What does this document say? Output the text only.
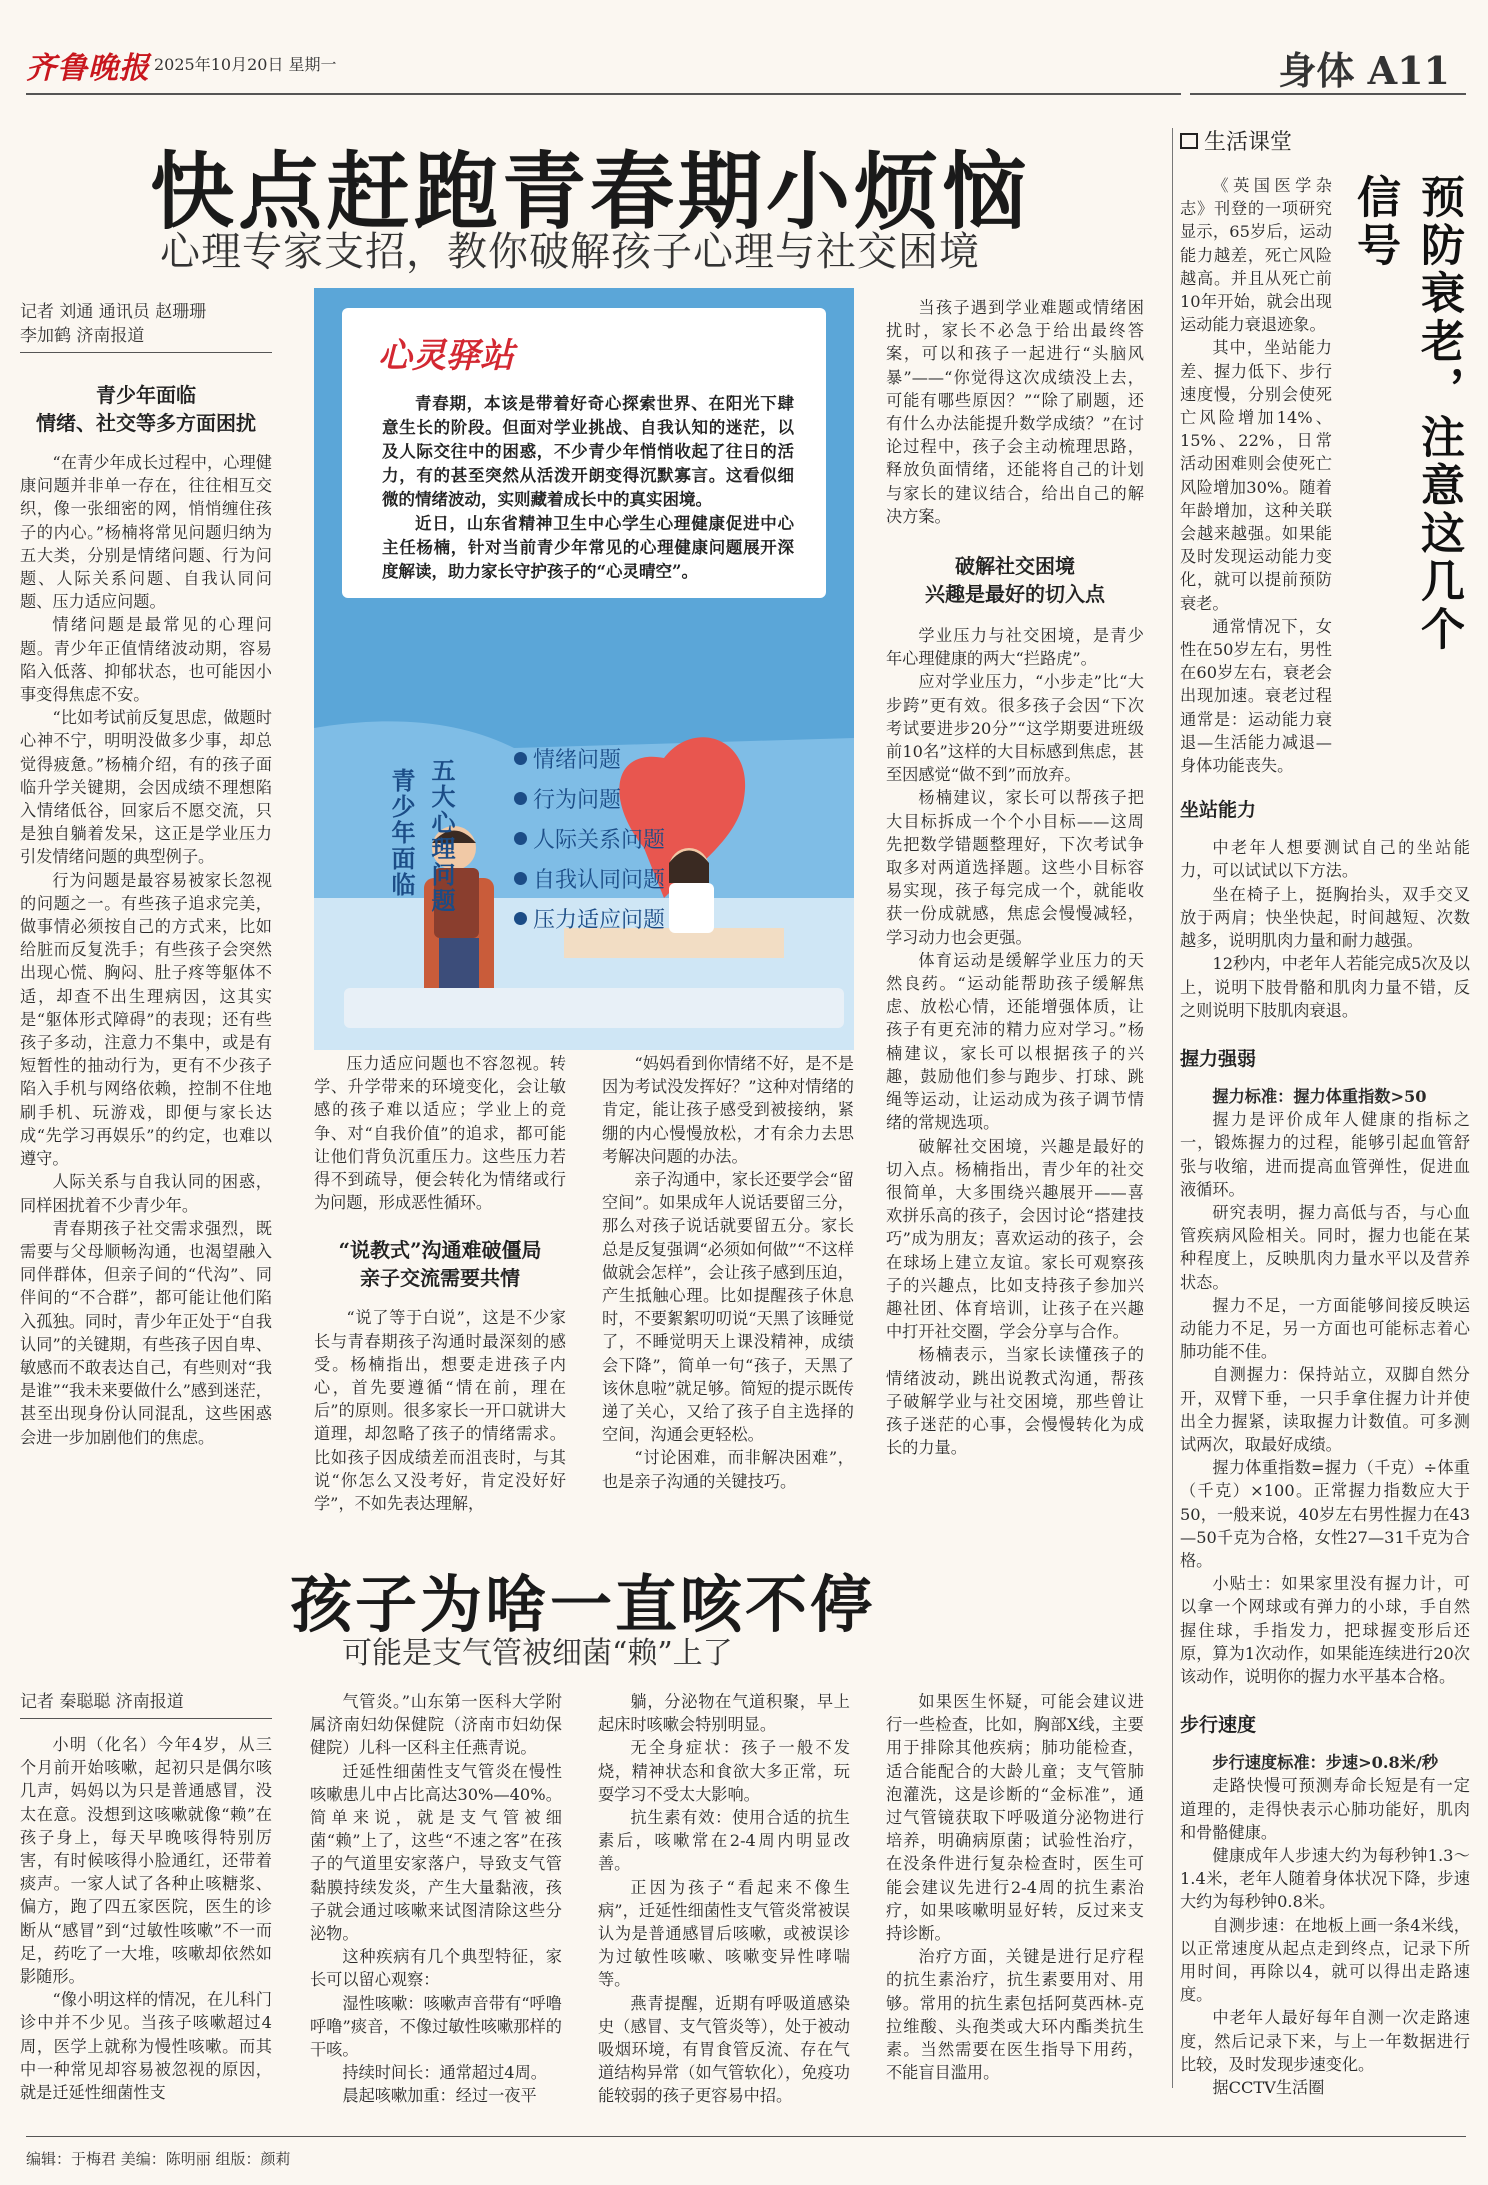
齐鲁晚报 2025年10月20日 星期一	身体 A11
快点赶跑青春期小烦恼
心理专家支招，教你破解孩子心理与社交困境
记者 刘通 通讯员 赵珊珊
李加鹤 济南报道
青少年面临
情绪、社交等多方面困扰

“在青少年成长过程中，心理健康问题并非单一存在，往往相互交织，像一张细密的网，悄悄缠住孩子的内心。”杨楠将常见问题归纳为五大类，分别是情绪问题、行为问题、人际关系问题、自我认同问题、压力适应问题。

情绪问题是最常见的心理问题。青少年正值情绪波动期，容易陷入低落、抑郁状态，也可能因小事变得焦虑不安。

“比如考试前反复思虑，做题时心神不宁，明明没做多少事，却总觉得疲惫。”杨楠介绍，有的孩子面临升学关键期，会因成绩不理想陷入情绪低谷，回家后不愿交流，只是独自躺着发呆，这正是学业压力引发情绪问题的典型例子。

行为问题是最容易被家长忽视的问题之一。有些孩子追求完美，做事情必须按自己的方式来，比如给脏而反复洗手；有些孩子会突然出现心慌、胸闷、肚子疼等躯体不适，却查不出生理病因，这其实是“躯体形式障碍”的表现；还有些孩子多动，注意力不集中，或是有短暂性的抽动行为，更有不少孩子陷入手机与网络依赖，控制不住地刷手机、玩游戏，即便与家长达成“先学习再娱乐”的约定，也难以遵守。

人际关系与自我认同的困惑，同样困扰着不少青少年。

青春期孩子社交需求强烈，既需要与父母顺畅沟通，也渴望融入同伴群体，但亲子间的“代沟”、同伴间的“不合群”，都可能让他们陷入孤独。同时，青少年正处于“自我认同”的关键期，有些孩子因自卑、敏感而不敢表达自己，有些则对“我是谁”“我未来要做什么”感到迷茫，甚至出现身份认同混乱，这些困惑会进一步加剧他们的焦虑。

心灵驿站

青春期，本该是带着好奇心探索世界、在阳光下肆意生长的阶段。但面对学业挑战、自我认知的迷茫，以及人际交往中的困惑，不少青少年悄悄收起了往日的活力，有的甚至突然从活泼开朗变得沉默寡言。这看似细微的情绪波动，实则藏着成长中的真实困境。

近日，山东省精神卫生中心学生心理健康促进中心主任杨楠，针对当前青少年常见的心理健康问题展开深度解读，助力家长守护孩子的“心灵晴空”。

青少年面临 五大心理问题	情绪问题
行为问题
人际关系问题
自我认同问题
压力适应问题

压力适应问题也不容忽视。转学、升学带来的环境变化，会让敏感的孩子难以适应；学业上的竞争、对“自我价值”的追求，都可能让他们背负沉重压力。这些压力若得不到疏导，便会转化为情绪或行为问题，形成恶性循环。

“说教式”沟通难破僵局
亲子交流需要共情

“说了等于白说”，这是不少家长与青春期孩子沟通时最深刻的感受。杨楠指出，想要走进孩子内心，首先要遵循“情在前，理在后”的原则。很多家长一开口就讲大道理，却忽略了孩子的情绪需求。比如孩子因成绩差而沮丧时，与其说“你怎么又没考好，肯定没好好学”，不如先表达理解，

“妈妈看到你情绪不好，是不是因为考试没发挥好？”这种对情绪的肯定，能让孩子感受到被接纳，紧绷的内心慢慢放松，才有余力去思考解决问题的办法。

亲子沟通中，家长还要学会“留空间”。如果成年人说话要留三分，那么对孩子说话就要留五分。家长总是反复强调“必须如何做”“不这样做就会怎样”，会让孩子感到压迫，产生抵触心理。比如提醒孩子休息时，不要絮絮叨叨说“天黑了该睡觉了，不睡觉明天上课没精神，成绩会下降”，简单一句“孩子，天黑了该休息啦”就足够。简短的提示既传递了关心，又给了孩子自主选择的空间，沟通会更轻松。

“讨论困难，而非解决困难”，也是亲子沟通的关键技巧。

当孩子遇到学业难题或情绪困扰时，家长不必急于给出最终答案，可以和孩子一起进行“头脑风暴”——“你觉得这次成绩没上去，可能有哪些原因？”“除了刷题，还有什么办法能提升数学成绩？”在讨论过程中，孩子会主动梳理思路，释放负面情绪，还能将自己的计划与家长的建议结合，给出自己的解决方案。

破解社交困境
兴趣是最好的切入点

学业压力与社交困境，是青少年心理健康的两大“拦路虎”。

应对学业压力，“小步走”比“大步跨”更有效。很多孩子会因“下次考试要进步20分”“这学期要进班级前10名”这样的大目标感到焦虑，甚至因感觉“做不到”而放弃。

杨楠建议，家长可以帮孩子把大目标拆成一个个小目标——这周先把数学错题整理好，下次考试争取多对两道选择题。这些小目标容易实现，孩子每完成一个，就能收获一份成就感，焦虑会慢慢减轻，学习动力也会更强。

体育运动是缓解学业压力的天然良药。“运动能帮助孩子缓解焦虑、放松心情，还能增强体质，让孩子有更充沛的精力应对学习。”杨楠建议，家长可以根据孩子的兴趣，鼓励他们参与跑步、打球、跳绳等运动，让运动成为孩子调节情绪的常规选项。

破解社交困境，兴趣是最好的切入点。杨楠指出，青少年的社交很简单，大多围绕兴趣展开——喜欢拼乐高的孩子，会因讨论“搭建技巧”成为朋友；喜欢运动的孩子，会在球场上建立友谊。家长可观察孩子的兴趣点，比如支持孩子参加兴趣社团、体育培训，让孩子在兴趣中打开社交圈，学会分享与合作。

杨楠表示，当家长读懂孩子的情绪波动，跳出说教式沟通，帮孩子破解学业与社交困境，那些曾让孩子迷茫的心事，会慢慢转化为成长的力量。

孩子为啥一直咳不停
可能是支气管被细菌“赖”上了
记者 秦聪聪 济南报道

小明（化名）今年4岁，从三个月前开始咳嗽，起初只是偶尔咳几声，妈妈以为只是普通感冒，没太在意。没想到这咳嗽就像“赖”在孩子身上，每天早晚咳得特别厉害，有时候咳得小脸通红，还带着痰声。一家人试了各种止咳糖浆、偏方，跑了四五家医院，医生的诊断从“感冒”到“过敏性咳嗽”不一而足，药吃了一大堆，咳嗽却依然如影随形。

“像小明这样的情况，在儿科门诊中并不少见。当孩子咳嗽超过4周，医学上就称为慢性咳嗽。而其中一种常见却容易被忽视的原因，就是迁延性细菌性支

气管炎。”山东第一医科大学附属济南妇幼保健院（济南市妇幼保健院）儿科一区科主任燕青说。

迁延性细菌性支气管炎在慢性咳嗽患儿中占比高达30%—40%。简单来说，就是支气管被细菌“赖”上了，这些“不速之客”在孩子的气道里安家落户，导致支气管黏膜持续发炎，产生大量黏液，孩子就会通过咳嗽来试图清除这些分泌物。

这种疾病有几个典型特征，家长可以留心观察：

湿性咳嗽：咳嗽声音带有“呼噜呼噜”痰音，不像过敏性咳嗽那样的干咳。

持续时间长：通常超过4周。

晨起咳嗽加重：经过一夜平

躺，分泌物在气道积聚，早上起床时咳嗽会特别明显。

无全身症状：孩子一般不发烧，精神状态和食欲大多正常，玩耍学习不受太大影响。

抗生素有效：使用合适的抗生素后，咳嗽常在2-4周内明显改善。

正因为孩子“看起来不像生病”，迁延性细菌性支气管炎常被误认为是普通感冒后咳嗽，或被误诊为过敏性咳嗽、咳嗽变异性哮喘等。

燕青提醒，近期有呼吸道感染史（感冒、支气管炎等），处于被动吸烟环境，有胃食管反流、存在气道结构异常（如气管软化），免疫功能较弱的孩子更容易中招。

如果医生怀疑，可能会建议进行一些检查，比如，胸部X线，主要用于排除其他疾病；肺功能检查，适合能配合的大龄儿童；支气管肺泡灌洗，这是诊断的“金标准”，通过气管镜获取下呼吸道分泌物进行培养，明确病原菌；试验性治疗，在没条件进行复杂检查时，医生可能会建议先进行2-4周的抗生素治疗，如果咳嗽明显好转，反过来支持诊断。

治疗方面，关键是进行足疗程的抗生素治疗，抗生素要用对、用够。常用的抗生素包括阿莫西林-克拉维酸、头孢类或大环内酯类抗生素。当然需要在医生指导下用药，不能盲目滥用。

生活课堂

《英国医学杂志》刊登的一项研究显示，65岁后，运动能力越差，死亡风险越高。并且从死亡前10年开始，就会出现运动能力衰退迹象。

其中，坐站能力差、握力低下、步行速度慢，分别会使死亡风险增加14%、15%、22%，日常活动困难则会使死亡风险增加30%。随着年龄增加，这种关联会越来越强。如果能及时发现运动能力变化，就可以提前预防衰老。

通常情况下，女性在50岁左右，男性在60岁左右，衰老会出现加速。衰老过程通常是：运动能力衰退—生活能力减退—身体功能丧失。

预防衰老，注意这几个信号
坐站能力

中老年人想要测试自己的坐站能力，可以试试以下方法。

坐在椅子上，挺胸抬头，双手交叉放于两肩；快坐快起，时间越短、次数越多，说明肌肉力量和耐力越强。

12秒内，中老年人若能完成5次及以上，说明下肢骨骼和肌肉力量不错，反之则说明下肢肌肉衰退。

握力强弱
握力标准：握力体重指数>50

握力是评价成年人健康的指标之一，锻炼握力的过程，能够引起血管舒张与收缩，进而提高血管弹性，促进血液循环。

研究表明，握力高低与否，与心血管疾病风险相关。同时，握力也能在某种程度上，反映肌肉力量水平以及营养状态。

握力不足，一方面能够间接反映运动能力不足，另一方面也可能标志着心肺功能不佳。

自测握力：保持站立，双脚自然分开，双臂下垂，一只手拿住握力计并使出全力握紧，读取握力计数值。可多测试两次，取最好成绩。

握力体重指数=握力（千克）÷体重（千克）×100。正常握力指数应大于50，一般来说，40岁左右男性握力在43—50千克为合格，女性27—31千克为合格。

小贴士：如果家里没有握力计，可以拿一个网球或有弹力的小球，手自然握住球，手指发力，把球握变形后还原，算为1次动作，如果能连续进行20次该动作，说明你的握力水平基本合格。

步行速度
步行速度标准：步速>0.8米/秒

走路快慢可预测寿命长短是有一定道理的，走得快表示心肺功能好，肌肉和骨骼健康。

健康成年人步速大约为每秒钟1.3～1.4米，老年人随着身体状况下降，步速大约为每秒钟0.8米。

自测步速：在地板上画一条4米线，以正常速度从起点走到终点，记录下所用时间，再除以4，就可以得出走路速度。

中老年人最好每年自测一次走路速度，然后记录下来，与上一年数据进行比较，及时发现步速变化。

据CCTV生活圈
编辑：于梅君 美编：陈明丽 组版：颜莉
